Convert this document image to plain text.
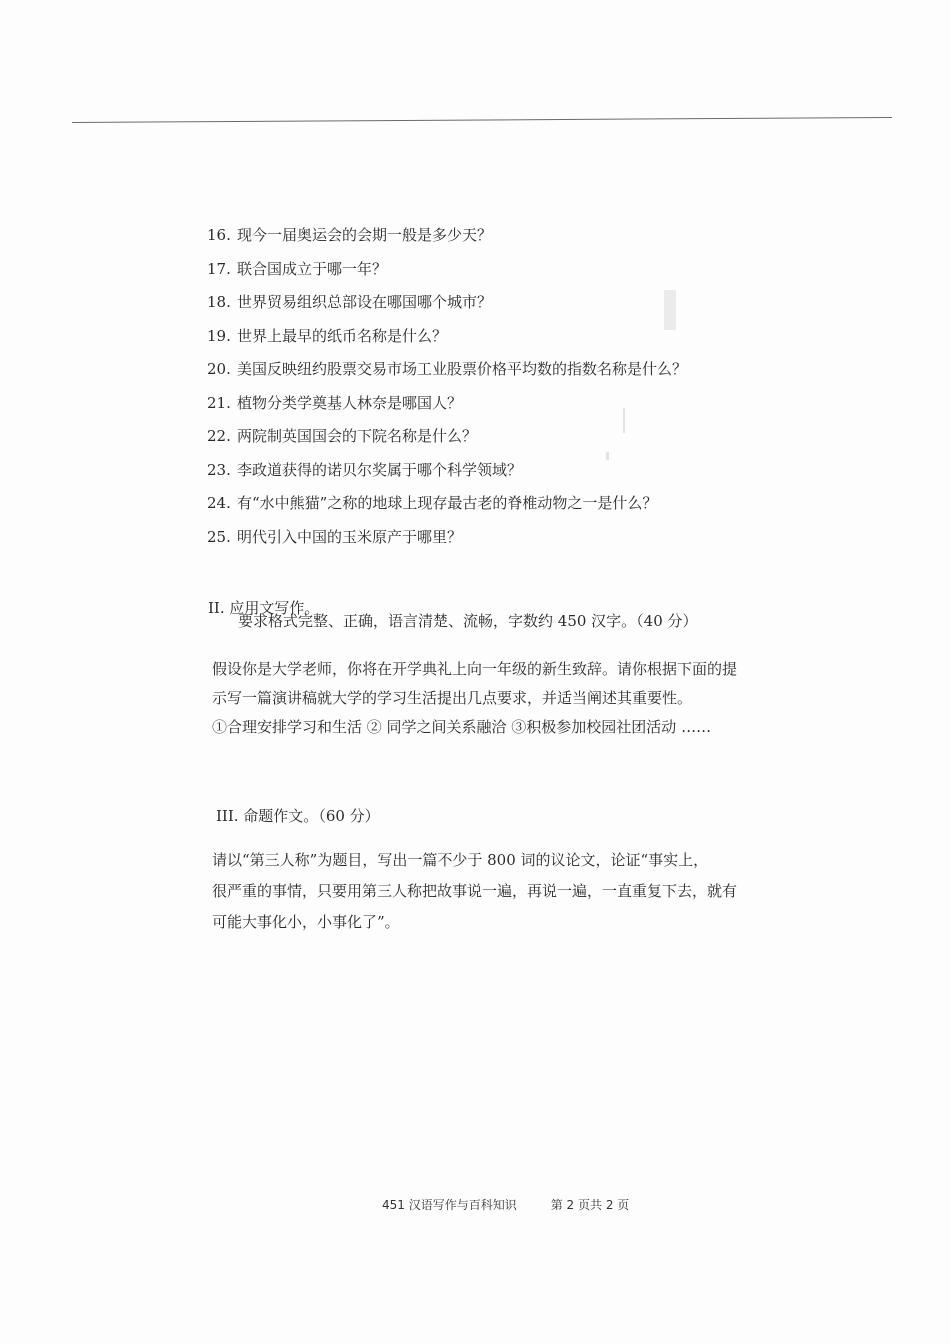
16. 现今一届奥运会的会期一般是多少天？
17. 联合国成立于哪一年？
18. 世界贸易组织总部设在哪国哪个城市？
19. 世界上最早的纸币名称是什么？
20. 美国反映纽约股票交易市场工业股票价格平均数的指数名称是什么？
21. 植物分类学奠基人林奈是哪国人？
22. 两院制英国国会的下院名称是什么？
23. 李政道获得的诺贝尔奖属于哪个科学领域？
24. 有“水中熊猫”之称的地球上现存最古老的脊椎动物之一是什么？
25. 明代引入中国的玉米原产于哪里？
II. 应用文写作。
要求格式完整、正确，语言清楚、流畅，字数约 450 汉字。（40 分）

假设你是大学老师，你将在开学典礼上向一年级的新生致辞。请你根据下面的提
示写一篇演讲稿就大学的学习生活提出几点要求，并适当阐述其重要性。
①合理安排学习和生活 ② 同学之间关系融洽 ③积极参加校园社团活动 ……

III. 命题作文。（60 分）

请以“第三人称”为题目，写出一篇不少于 800 词的议论文，论证“事实上，
很严重的事情，只要用第三人称把故事说一遍，再说一遍，一直重复下去，就有
可能大事化小，小事化了”。

451 汉语写作与百科知识	第 2 页共 2 页
